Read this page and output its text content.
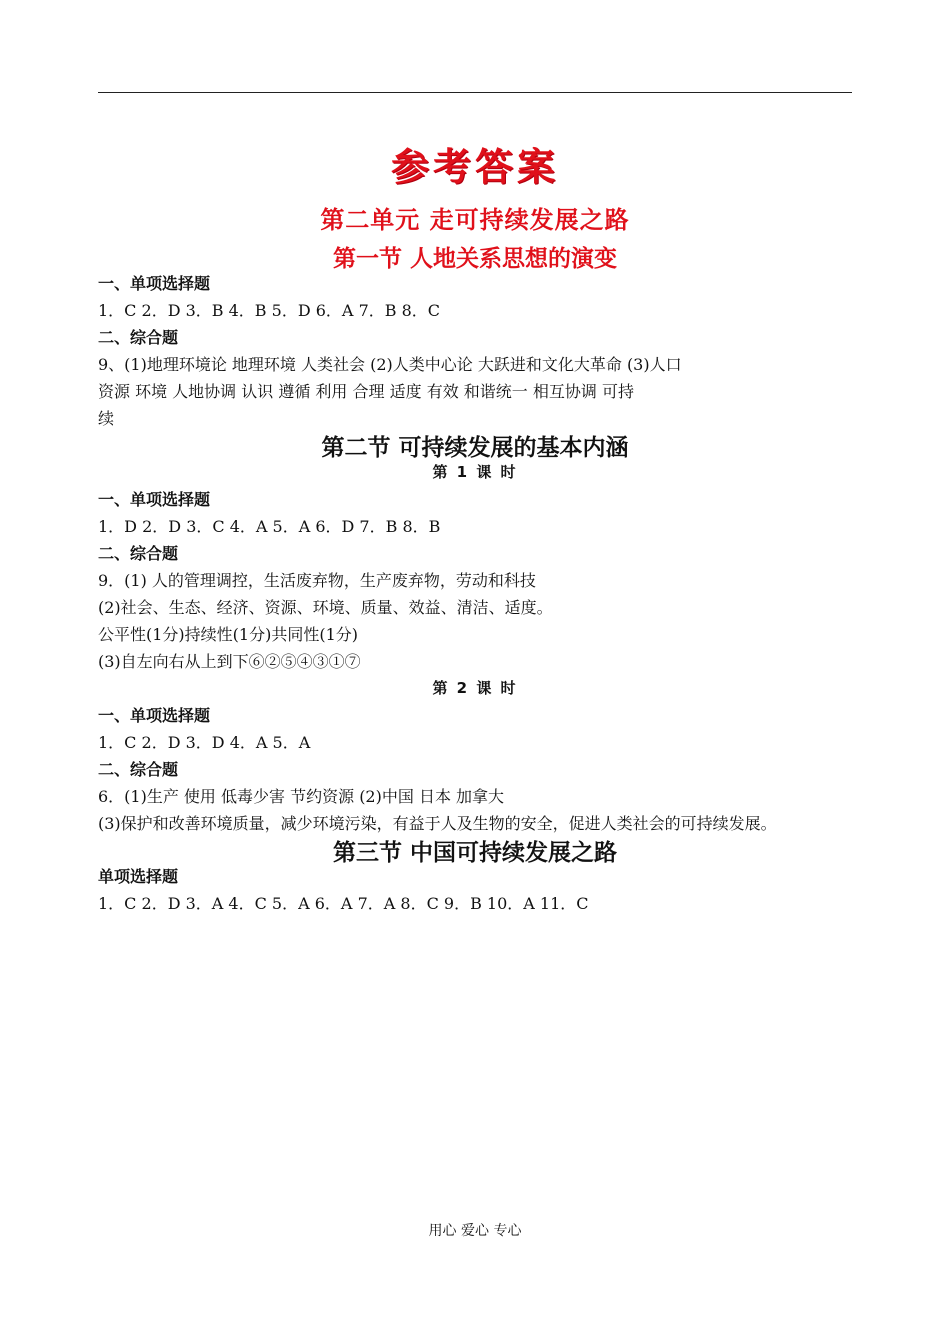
参考答案
第二单元 走可持续发展之路
第一节 人地关系思想的演变
一、单项选择题
1．C 2．D 3．B 4．B 5．D 6．A 7．B 8．C
二、综合题
9、(1)地理环境论 地理环境 人类社会 (2)人类中心论 大跃进和文化大革命 (3)人口
资源 环境 人地协调 认识 遵循 利用 合理 适度 有效 和谐统一 相互协调 可持
续
第二节 可持续发展的基本内涵
第 1 课 时
一、单项选择题
1．D 2．D 3．C 4．A 5．A 6．D 7．B 8．B
二、综合题
9．(1) 人的管理调控，生活废弃物，生产废弃物，劳动和科技
(2)社会、生态、经济、资源、环境、质量、效益、清洁、适度。
公平性(1分)持续性(1分)共同性(1分)
(3)自左向右从上到下⑥②⑤④③①⑦
第 2 课 时
一、单项选择题
1．C 2．D 3．D 4．A 5．A
二、综合题
6．(1)生产 使用 低毒少害 节约资源 (2)中国 日本 加拿大
(3)保护和改善环境质量，减少环境污染，有益于人及生物的安全，促进人类社会的可持续发展。
第三节 中国可持续发展之路
单项选择题
1．C 2．D 3．A 4．C 5．A 6．A 7．A 8．C 9．B 10．A 11．C
用心 爱心 专心
